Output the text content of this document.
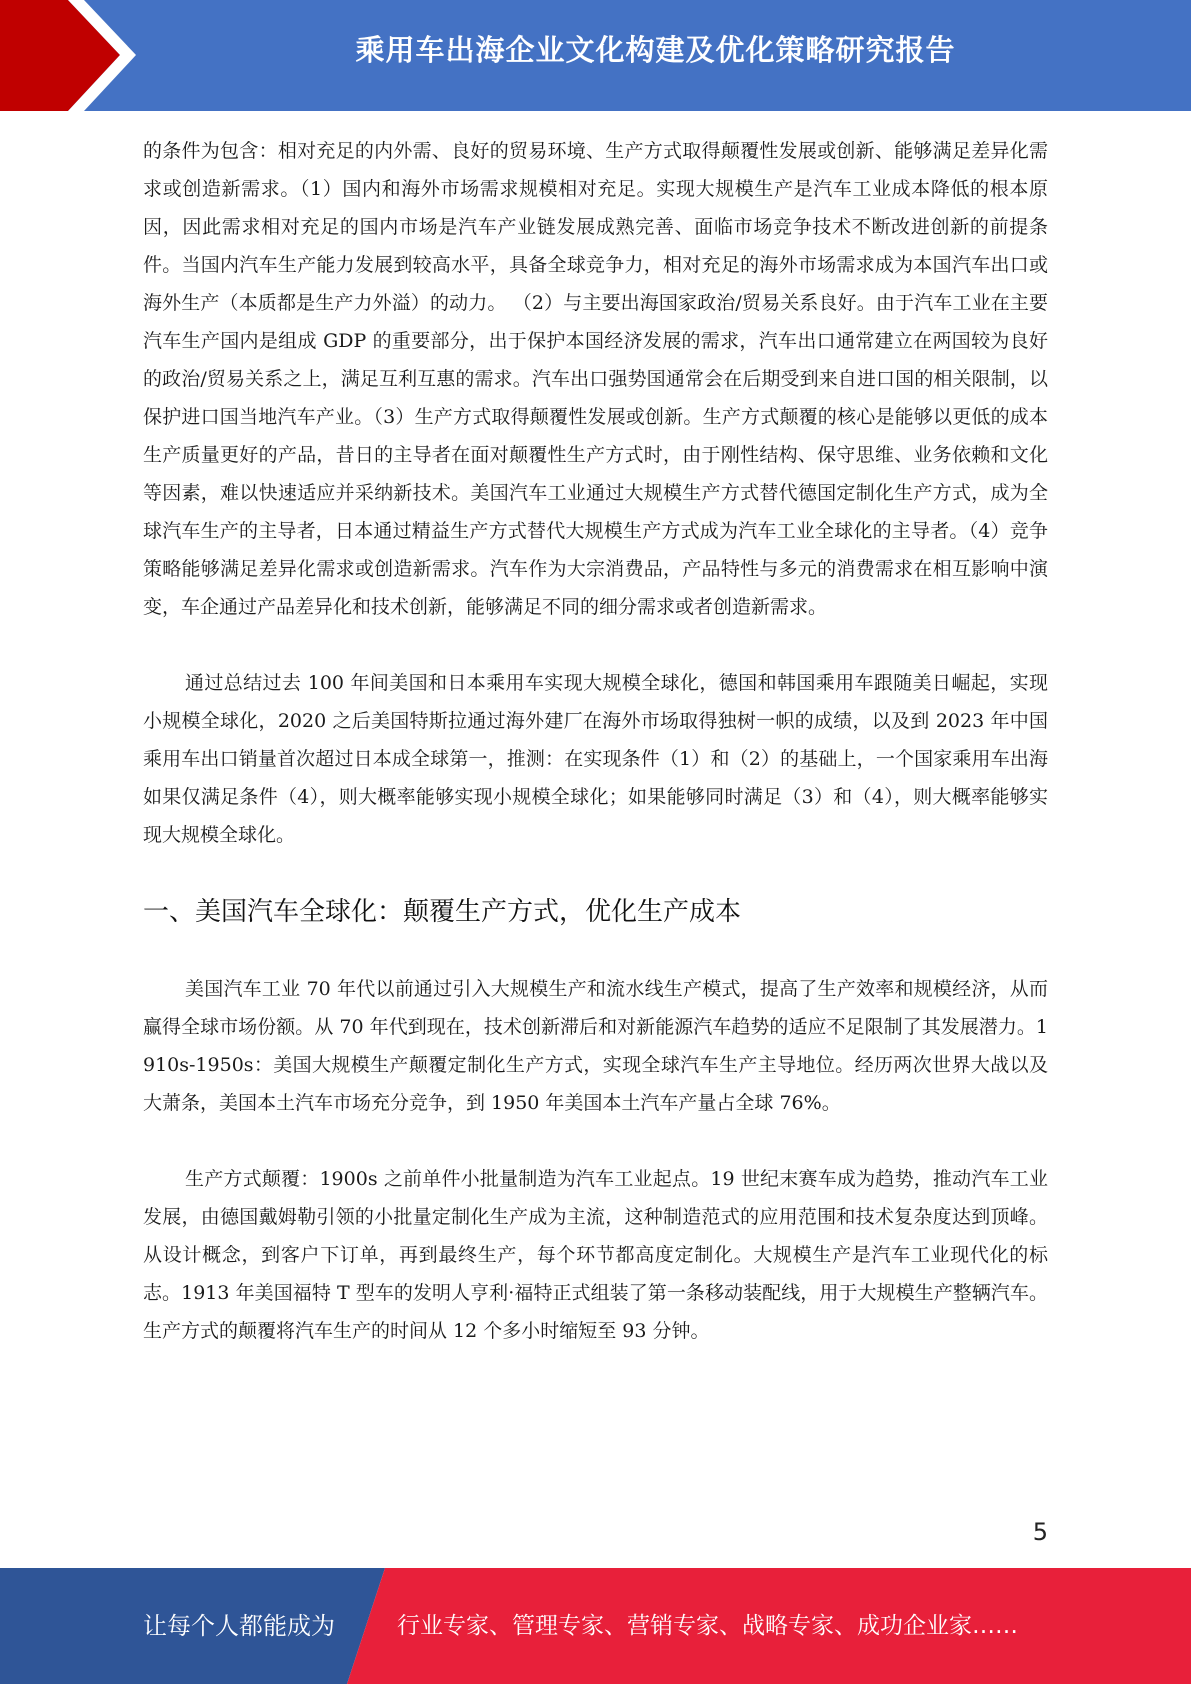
乘用车出海企业文化构建及优化策略研究报告

的条件为包含：相对充足的内外需、良好的贸易环境、生产方式取得颠覆性发展或创新、能够满足差异化需求或创造新需求。（1）国内和海外市场需求规模相对充足。实现大规模生产是汽车工业成本降低的根本原因，因此需求相对充足的国内市场是汽车产业链发展成熟完善、面临市场竞争技术不断改进创新的前提条件。当国内汽车生产能力发展到较高水平，具备全球竞争力，相对充足的海外市场需求成为本国汽车出口或海外生产（本质都是生产力外溢）的动力。 （2）与主要出海国家政治/贸易关系良好。由于汽车工业在主要汽车生产国内是组成 GDP 的重要部分，出于保护本国经济发展的需求，汽车出口通常建立在两国较为良好的政治/贸易关系之上，满足互利互惠的需求。汽车出口强势国通常会在后期受到来自进口国的相关限制，以保护进口国当地汽车产业。（3）生产方式取得颠覆性发展或创新。生产方式颠覆的核心是能够以更低的成本生产质量更好的产品，昔日的主导者在面对颠覆性生产方式时，由于刚性结构、保守思维、业务依赖和文化等因素，难以快速适应并采纳新技术。美国汽车工业通过大规模生产方式替代德国定制化生产方式，成为全球汽车生产的主导者，日本通过精益生产方式替代大规模生产方式成为汽车工业全球化的主导者。（4）竞争策略能够满足差异化需求或创造新需求。汽车作为大宗消费品，产品特性与多元的消费需求在相互影响中演变，车企通过产品差异化和技术创新，能够满足不同的细分需求或者创造新需求。

通过总结过去 100 年间美国和日本乘用车实现大规模全球化，德国和韩国乘用车跟随美日崛起，实现小规模全球化，2020 之后美国特斯拉通过海外建厂在海外市场取得独树一帜的成绩，以及到 2023 年中国乘用车出口销量首次超过日本成全球第一，推测：在实现条件（1）和（2）的基础上，一个国家乘用车出海如果仅满足条件（4），则大概率能够实现小规模全球化；如果能够同时满足（3）和（4），则大概率能够实现大规模全球化。

一、美国汽车全球化：颠覆生产方式，优化生产成本

美国汽车工业 70 年代以前通过引入大规模生产和流水线生产模式，提高了生产效率和规模经济，从而赢得全球市场份额。从 70 年代到现在，技术创新滞后和对新能源汽车趋势的适应不足限制了其发展潜力。1910s-1950s：美国大规模生产颠覆定制化生产方式，实现全球汽车生产主导地位。经历两次世界大战以及大萧条，美国本土汽车市场充分竞争，到 1950 年美国本土汽车产量占全球 76%。

生产方式颠覆：1900s 之前单件小批量制造为汽车工业起点。19 世纪末赛车成为趋势，推动汽车工业发展，由德国戴姆勒引领的小批量定制化生产成为主流，这种制造范式的应用范围和技术复杂度达到顶峰。从设计概念，到客户下订单，再到最终生产，每个环节都高度定制化。大规模生产是汽车工业现代化的标志。1913 年美国福特 T 型车的发明人亨利·福特正式组装了第一条移动装配线，用于大规模生产整辆汽车。生产方式的颠覆将汽车生产的时间从 12 个多小时缩短至 93 分钟。

5
让每个人都能成为	行业专家、管理专家、营销专家、战略专家、成功企业家……
